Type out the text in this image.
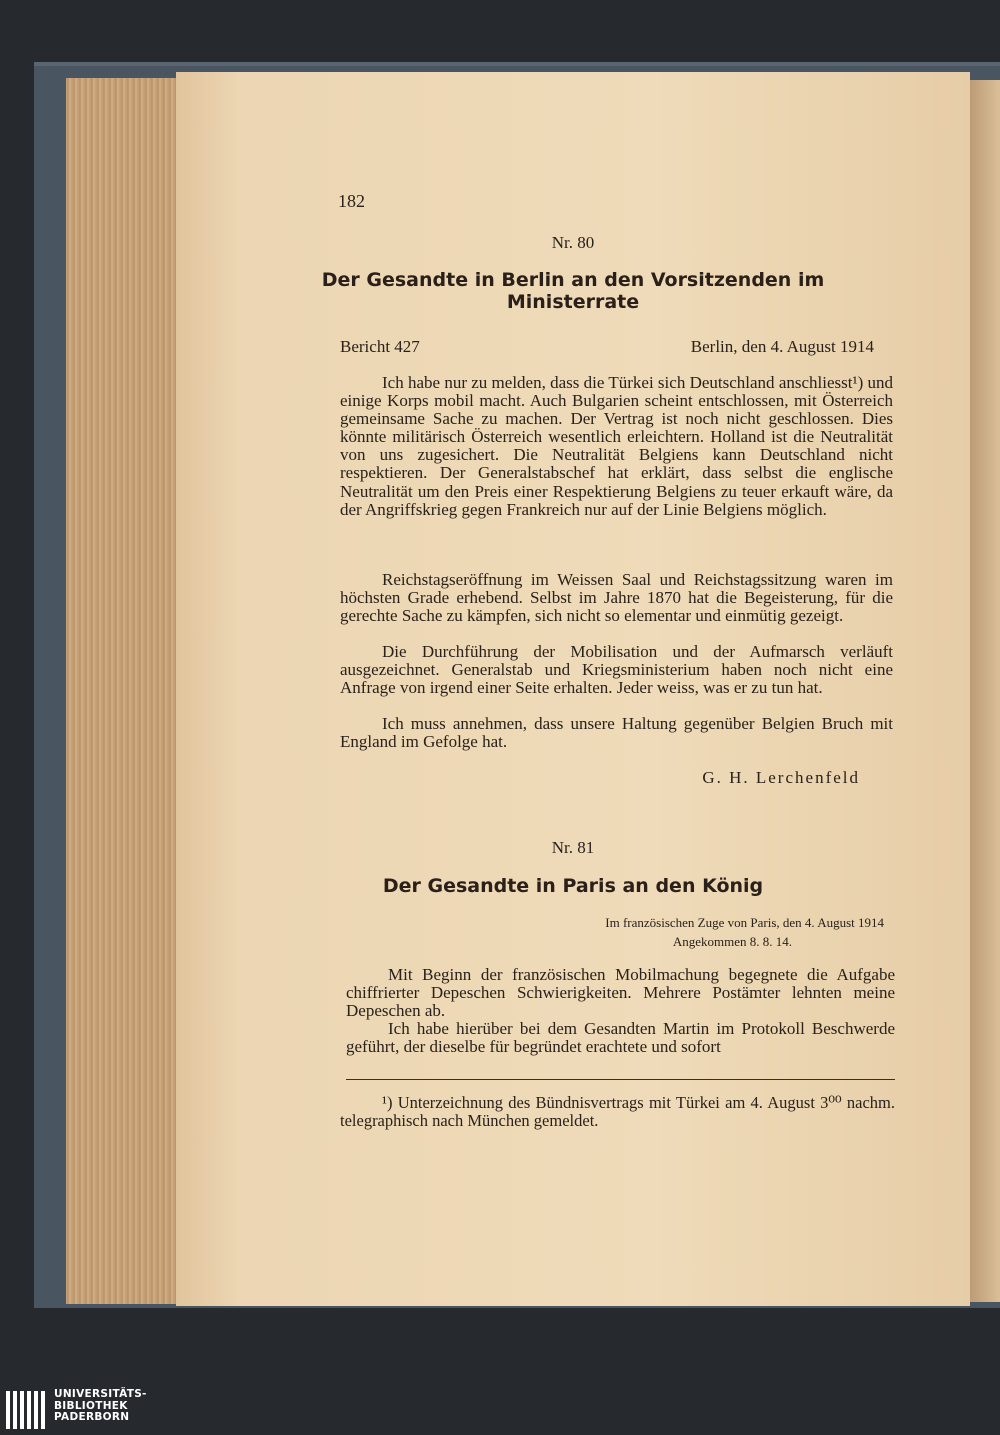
182

Nr. 80

Der Gesandte in Berlin an den Vorsitzenden im

Ministerrate

Bericht 427	Berlin, den 4. August 1914

Ich habe nur zu melden, dass die Türkei sich Deutschland anschliesst¹) und einige Korps mobil macht. Auch Bulgarien scheint entschlossen, mit Österreich gemeinsame Sache zu machen. Der Vertrag ist noch nicht geschlossen. Dies könnte militärisch Österreich wesentlich erleichtern. Holland ist die Neutralität von uns zugesichert. Die Neutralität Belgiens kann Deutschland nicht respektieren. Der Generalstabschef hat erklärt, dass selbst die englische Neutralität um den Preis einer Respektierung Belgiens zu teuer erkauft wäre, da der Angriffskrieg gegen Frankreich nur auf der Linie Belgiens möglich.

Reichstagseröffnung im Weissen Saal und Reichstagssitzung waren im höchsten Grade erhebend. Selbst im Jahre 1870 hat die Begeisterung, für die gerechte Sache zu kämpfen, sich nicht so elementar und einmütig gezeigt.

Die Durchführung der Mobilisation und der Aufmarsch verläuft ausgezeichnet. Generalstab und Kriegsministerium haben noch nicht eine Anfrage von irgend einer Seite erhalten. Jeder weiss, was er zu tun hat.

Ich muss annehmen, dass unsere Haltung gegenüber Belgien Bruch mit England im Gefolge hat.

G. H. Lerchenfeld

Nr. 81

Der Gesandte in Paris an den König

Im französischen Zuge von Paris, den 4. August 1914

Angekommen 8. 8. 14.

Mit Beginn der französischen Mobilmachung begegnete die Aufgabe chiffrierter Depeschen Schwierigkeiten. Mehrere Postämter lehnten meine Depeschen ab.

Ich habe hierüber bei dem Gesandten Martin im Protokoll Beschwerde geführt, der dieselbe für begründet erachtete und sofort

¹) Unterzeichnung des Bündnisvertrags mit Türkei am 4. August 3⁰⁰ nachm. telegraphisch nach München gemeldet.

UNIVERSITÄTS-
BIBLIOTHEK
PADERBORN
